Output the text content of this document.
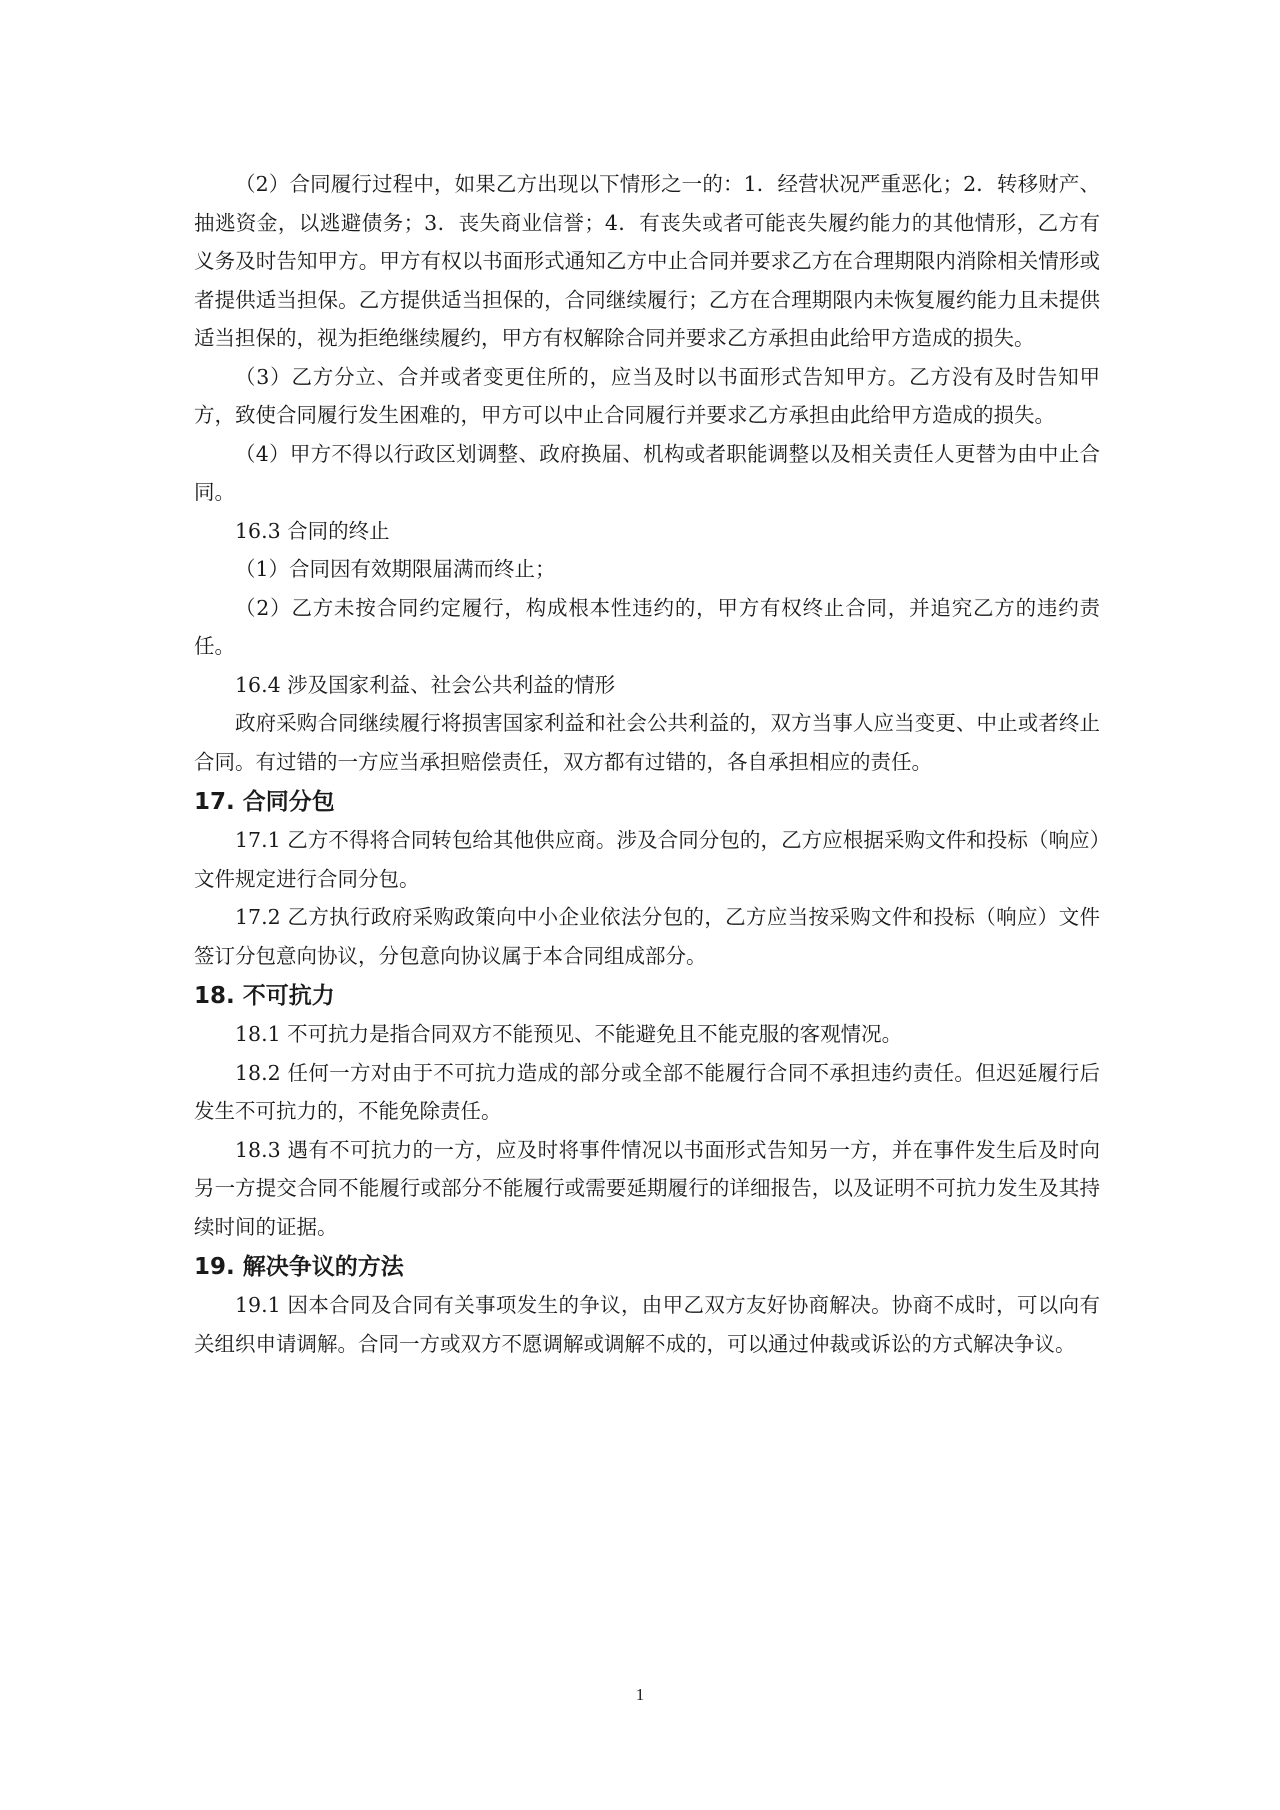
（2）合同履行过程中，如果乙方出现以下情形之一的：1．经营状况严重恶化；2．转移财产、抽逃资金，以逃避债务；3．丧失商业信誉；4．有丧失或者可能丧失履约能力的其他情形，乙方有义务及时告知甲方。甲方有权以书面形式通知乙方中止合同并要求乙方在合理期限内消除相关情形或者提供适当担保。乙方提供适当担保的，合同继续履行；乙方在合理期限内未恢复履约能力且未提供适当担保的，视为拒绝继续履约，甲方有权解除合同并要求乙方承担由此给甲方造成的损失。

（3）乙方分立、合并或者变更住所的，应当及时以书面形式告知甲方。乙方没有及时告知甲方，致使合同履行发生困难的，甲方可以中止合同履行并要求乙方承担由此给甲方造成的损失。

（4）甲方不得以行政区划调整、政府换届、机构或者职能调整以及相关责任人更替为由中止合同。

16.3 合同的终止

（1）合同因有效期限届满而终止；

（2）乙方未按合同约定履行，构成根本性违约的，甲方有权终止合同，并追究乙方的违约责任。

16.4 涉及国家利益、社会公共利益的情形

政府采购合同继续履行将损害国家利益和社会公共利益的，双方当事人应当变更、中止或者终止合同。有过错的一方应当承担赔偿责任，双方都有过错的，各自承担相应的责任。

17. 合同分包

17.1 乙方不得将合同转包给其他供应商。涉及合同分包的，乙方应根据采购文件和投标（响应）文件规定进行合同分包。

17.2 乙方执行政府采购政策向中小企业依法分包的，乙方应当按采购文件和投标（响应）文件签订分包意向协议，分包意向协议属于本合同组成部分。

18. 不可抗力

18.1 不可抗力是指合同双方不能预见、不能避免且不能克服的客观情况。

18.2 任何一方对由于不可抗力造成的部分或全部不能履行合同不承担违约责任。但迟延履行后发生不可抗力的，不能免除责任。

18.3 遇有不可抗力的一方，应及时将事件情况以书面形式告知另一方，并在事件发生后及时向另一方提交合同不能履行或部分不能履行或需要延期履行的详细报告，以及证明不可抗力发生及其持续时间的证据。

19. 解决争议的方法

19.1 因本合同及合同有关事项发生的争议，由甲乙双方友好协商解决。协商不成时，可以向有关组织申请调解。合同一方或双方不愿调解或调解不成的，可以通过仲裁或诉讼的方式解决争议。

1
